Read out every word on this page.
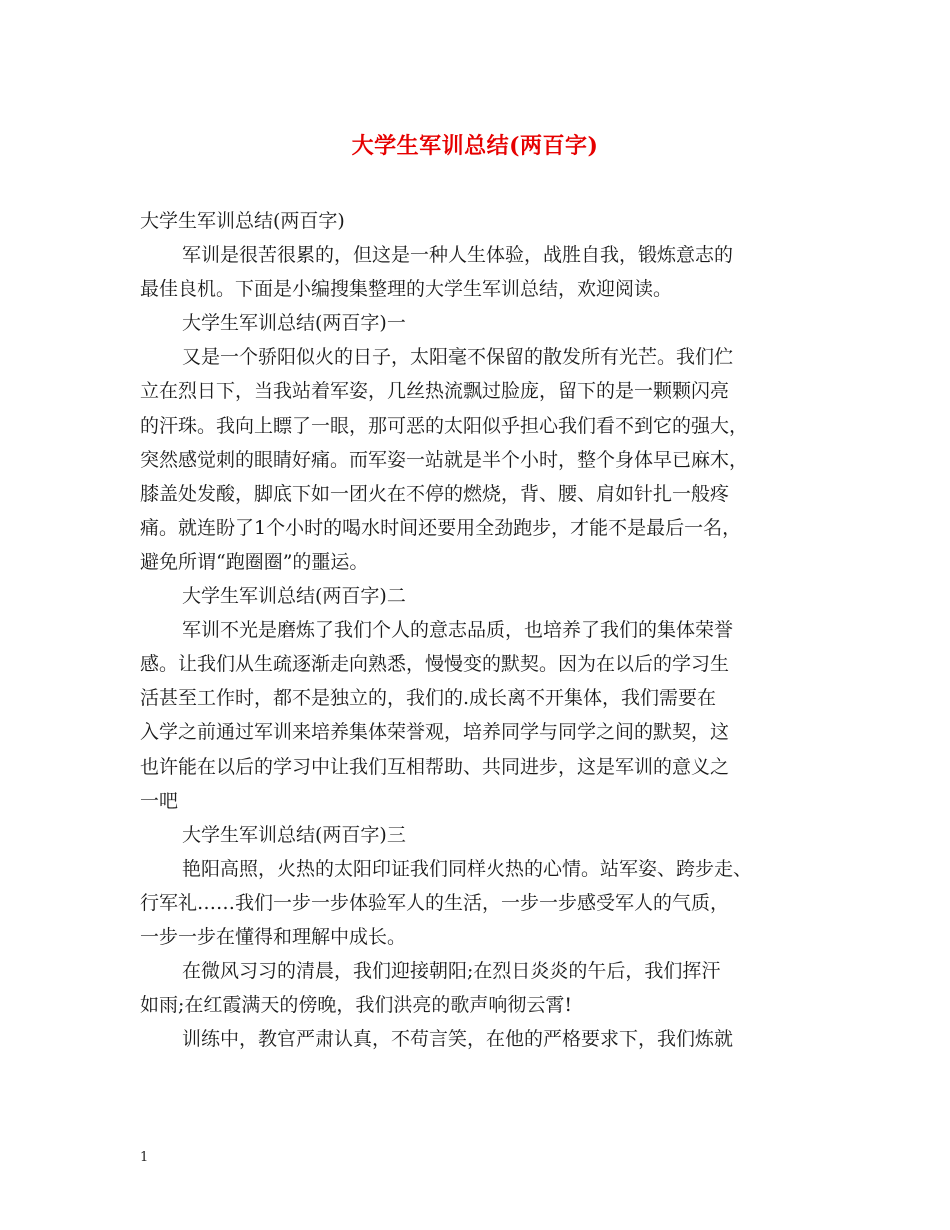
大学生军训总结(两百字)

大学生军训总结(两百字)

军训是很苦很累的，但这是一种人生体验，战胜自我，锻炼意志的
最佳良机。下面是小编搜集整理的大学生军训总结，欢迎阅读。

大学生军训总结(两百字)一

又是一个骄阳似火的日子，太阳毫不保留的散发所有光芒。我们伫
立在烈日下，当我站着军姿，几丝热流飘过脸庞，留下的是一颗颗闪亮
的汗珠。我向上瞟了一眼，那可恶的太阳似乎担心我们看不到它的强大，
突然感觉刺的眼睛好痛。而军姿一站就是半个小时，整个身体早已麻木，
膝盖处发酸，脚底下如一团火在不停的燃烧，背、腰、肩如针扎一般疼
痛。就连盼了1个小时的喝水时间还要用全劲跑步，才能不是最后一名，
避免所谓“跑圈圈”的噩运。

大学生军训总结(两百字)二

军训不光是磨炼了我们个人的意志品质，也培养了我们的集体荣誉
感。让我们从生疏逐渐走向熟悉，慢慢变的默契。因为在以后的学习生
活甚至工作时，都不是独立的，我们的.成长离不开集体，我们需要在
入学之前通过军训来培养集体荣誉观，培养同学与同学之间的默契，这
也许能在以后的学习中让我们互相帮助、共同进步，这是军训的意义之
一吧

大学生军训总结(两百字)三

艳阳高照，火热的太阳印证我们同样火热的心情。站军姿、跨步走、
行军礼……我们一步一步体验军人的生活，一步一步感受军人的气质，
一步一步在懂得和理解中成长。

在微风习习的清晨，我们迎接朝阳;在烈日炎炎的午后，我们挥汗
如雨;在红霞满天的傍晚，我们洪亮的歌声响彻云霄!

训练中，教官严肃认真，不苟言笑，在他的严格要求下，我们炼就

1
